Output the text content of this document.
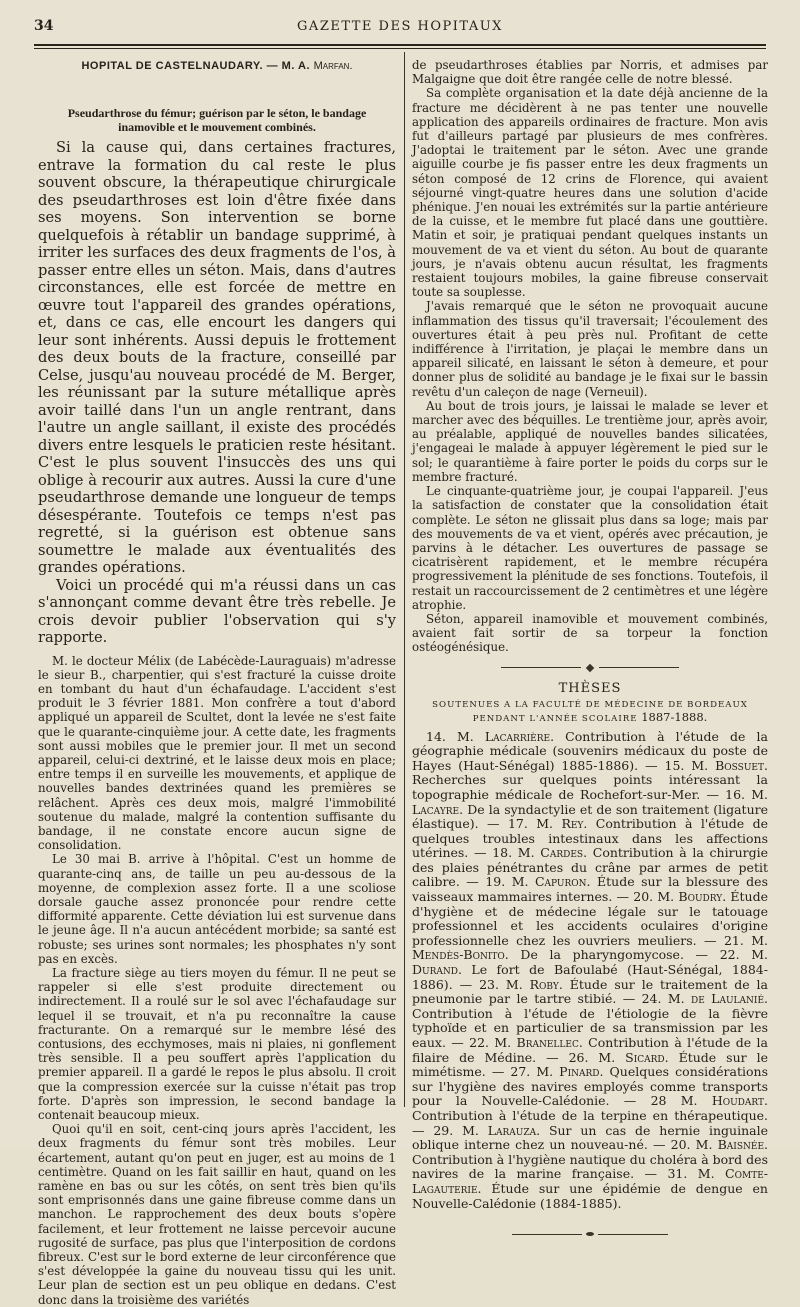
34	GAZETTE DES HOPITAUX
HOPITAL DE CASTELNAUDARY. — M. A. Marfan.
Pseudarthrose du fémur; guérison par le séton, le bandage inamovible et le mouvement combinés.

Si la cause qui, dans certaines fractures, entrave la formation du cal reste le plus souvent obscure, la thérapeutique chirurgicale des pseudarthroses est loin d'être fixée dans ses moyens. Son intervention se borne quelquefois à rétablir un bandage supprimé, à irriter les surfaces des deux fragments de l'os, à passer entre elles un séton. Mais, dans d'autres circonstances, elle est forcée de mettre en œuvre tout l'appareil des grandes opérations, et, dans ce cas, elle encourt les dangers qui leur sont inhérents. Aussi depuis le frottement des deux bouts de la fracture, conseillé par Celse, jusqu'au nouveau procédé de M. Berger, les réunissant par la suture métallique après avoir taillé dans l'un un angle rentrant, dans l'autre un angle saillant, il existe des procédés divers entre lesquels le praticien reste hésitant. C'est le plus souvent l'insuccès des uns qui oblige à recourir aux autres. Aussi la cure d'une pseudarthrose demande une longueur de temps désespérante. Toutefois ce temps n'est pas regretté, si la guérison est obtenue sans soumettre le malade aux éventualités des grandes opérations.

Voici un procédé qui m'a réussi dans un cas s'annonçant comme devant être très rebelle. Je crois devoir publier l'observation qui s'y rapporte.

M. le docteur Mélix (de Labécède-Lauraguais) m'adresse le sieur B., charpentier, qui s'est fracturé la cuisse droite en tombant du haut d'un échafaudage. L'accident s'est produit le 3 février 1881. Mon confrère a tout d'abord appliqué un appareil de Scultet, dont la levée ne s'est faite que le quarante-cinquième jour. A cette date, les fragments sont aussi mobiles que le premier jour. Il met un second appareil, celui-ci dextriné, et le laisse deux mois en place; entre temps il en surveille les mouvements, et applique de nouvelles bandes dextrinées quand les premières se relâchent. Après ces deux mois, malgré l'immobilité soutenue du malade, malgré la contention suffisante du bandage, il ne constate encore aucun signe de consolidation.

Le 30 mai B. arrive à l'hôpital. C'est un homme de quarante-cinq ans, de taille un peu au-dessous de la moyenne, de complexion assez forte. Il a une scoliose dorsale gauche assez prononcée pour rendre cette difformité apparente. Cette déviation lui est survenue dans le jeune âge. Il n'a aucun antécédent morbide; sa santé est robuste; ses urines sont normales; les phosphates n'y sont pas en excès.

La fracture siège au tiers moyen du fémur. Il ne peut se rappeler si elle s'est produite directement ou indirectement. Il a roulé sur le sol avec l'échafaudage sur lequel il se trouvait, et n'a pu reconnaître la cause fracturante. On a remarqué sur le membre lésé des contusions, des ecchymoses, mais ni plaies, ni gonflement très sensible. Il a peu souffert après l'application du premier appareil. Il a gardé le repos le plus absolu. Il croit que la compression exercée sur la cuisse n'était pas trop forte. D'après son impression, le second bandage la contenait beaucoup mieux.

Quoi qu'il en soit, cent-cinq jours après l'accident, les deux fragments du fémur sont très mobiles. Leur écartement, autant qu'on peut en juger, est au moins de 1 centimètre. Quand on les fait saillir en haut, quand on les ramène en bas ou sur les côtés, on sent très bien qu'ils sont emprisonnés dans une gaine fibreuse comme dans un manchon. Le rapprochement des deux bouts s'opère facilement, et leur frottement ne laisse percevoir aucune rugosité de surface, pas plus que l'interposition de cordons fibreux. C'est sur le bord externe de leur circonférence que s'est développée la gaine du nouveau tissu qui les unit. Leur plan de section est un peu oblique en dedans. C'est donc dans la troisième des variétés

de pseudarthroses établies par Norris, et admises par Malgaigne que doit être rangée celle de notre blessé.

Sa complète organisation et la date déjà ancienne de la fracture me décidèrent à ne pas tenter une nouvelle application des appareils ordinaires de fracture. Mon avis fut d'ailleurs partagé par plusieurs de mes confrères. J'adoptai le traitement par le séton. Avec une grande aiguille courbe je fis passer entre les deux fragments un séton composé de 12 crins de Florence, qui avaient séjourné vingt-quatre heures dans une solution d'acide phénique. J'en nouai les extrémités sur la partie antérieure de la cuisse, et le membre fut placé dans une gouttière. Matin et soir, je pratiquai pendant quelques instants un mouvement de va et vient du séton. Au bout de quarante jours, je n'avais obtenu aucun résultat, les fragments restaient toujours mobiles, la gaine fibreuse conservait toute sa souplesse.

J'avais remarqué que le séton ne provoquait aucune inflammation des tissus qu'il traversait; l'écoulement des ouvertures était à peu près nul. Profitant de cette indifférence à l'irritation, je plaçai le membre dans un appareil silicaté, en laissant le séton à demeure, et pour donner plus de solidité au bandage je le fixai sur le bassin revêtu d'un caleçon de nage (Verneuil).

Au bout de trois jours, je laissai le malade se lever et marcher avec des béquilles. Le trentième jour, après avoir, au préalable, appliqué de nouvelles bandes silicatées, j'engageai le malade à appuyer légèrement le pied sur le sol; le quarantième à faire porter le poids du corps sur le membre fracturé.

Le cinquante-quatrième jour, je coupai l'appareil. J'eus la satisfaction de constater que la consolidation était complète. Le séton ne glissait plus dans sa loge; mais par des mouvements de va et vient, opérés avec précaution, je parvins à le détacher. Les ouvertures de passage se cicatrisèrent rapidement, et le membre récupéra progressivement la plénitude de ses fonctions. Toutefois, il restait un raccourcissement de 2 centimètres et une légère atrophie.

Séton, appareil inamovible et mouvement combinés, avaient fait sortir de sa torpeur la fonction ostéogénésique.

THÈSES
SOUTENUES A LA FACULTÉ DE MÉDECINE DE BORDEAUX
PENDANT L'ANNÉE SCOLAIRE 1887-1888.

14. M. Lacarrière. Contribution à l'étude de la géographie médicale (souvenirs médicaux du poste de Hayes (Haut-Sénégal) 1885-1886). — 15. M. Bossuet. Recherches sur quelques points intéressant la topographie médicale de Rochefort-sur-Mer. — 16. M. Lacayre. De la syndactylie et de son traitement (ligature élastique). — 17. M. Rey. Contribution à l'étude de quelques troubles intestinaux dans les affections utérines. — 18. M. Cardes. Contribution à la chirurgie des plaies pénétrantes du crâne par armes de petit calibre. — 19. M. Capuron. Étude sur la blessure des vaisseaux mammaires internes. — 20. M. Boudry. Étude d'hygiène et de médecine légale sur le tatouage professionnel et les accidents oculaires d'origine professionnelle chez les ouvriers meuliers. — 21. M. Mendès-Bonito. De la pharyngomycose. — 22. M. Durand. Le fort de Bafoulabé (Haut-Sénégal, 1884-1886). — 23. M. Roby. Étude sur le traitement de la pneumonie par le tartre stibié. — 24. M. de Laulanié. Contribution à l'étude de l'étiologie de la fièvre typhoïde et en particulier de sa transmission par les eaux. — 22. M. Branellec. Contribution à l'étude de la filaire de Médine. — 26. M. Sicard. Étude sur le mimétisme. — 27. M. Pinard. Quelques considérations sur l'hygiène des navires employés comme transports pour la Nouvelle-Calédonie. — 28 M. Houdart. Contribution à l'étude de la terpine en thérapeutique. — 29. M. Larauza. Sur un cas de hernie inguinale oblique interne chez un nouveau-né. — 20. M. Baisnée. Contribution à l'hygiène nautique du choléra à bord des navires de la marine française. — 31. M. Comte-Lagauterie. Étude sur une épidémie de dengue en Nouvelle-Calédonie (1884-1885).
